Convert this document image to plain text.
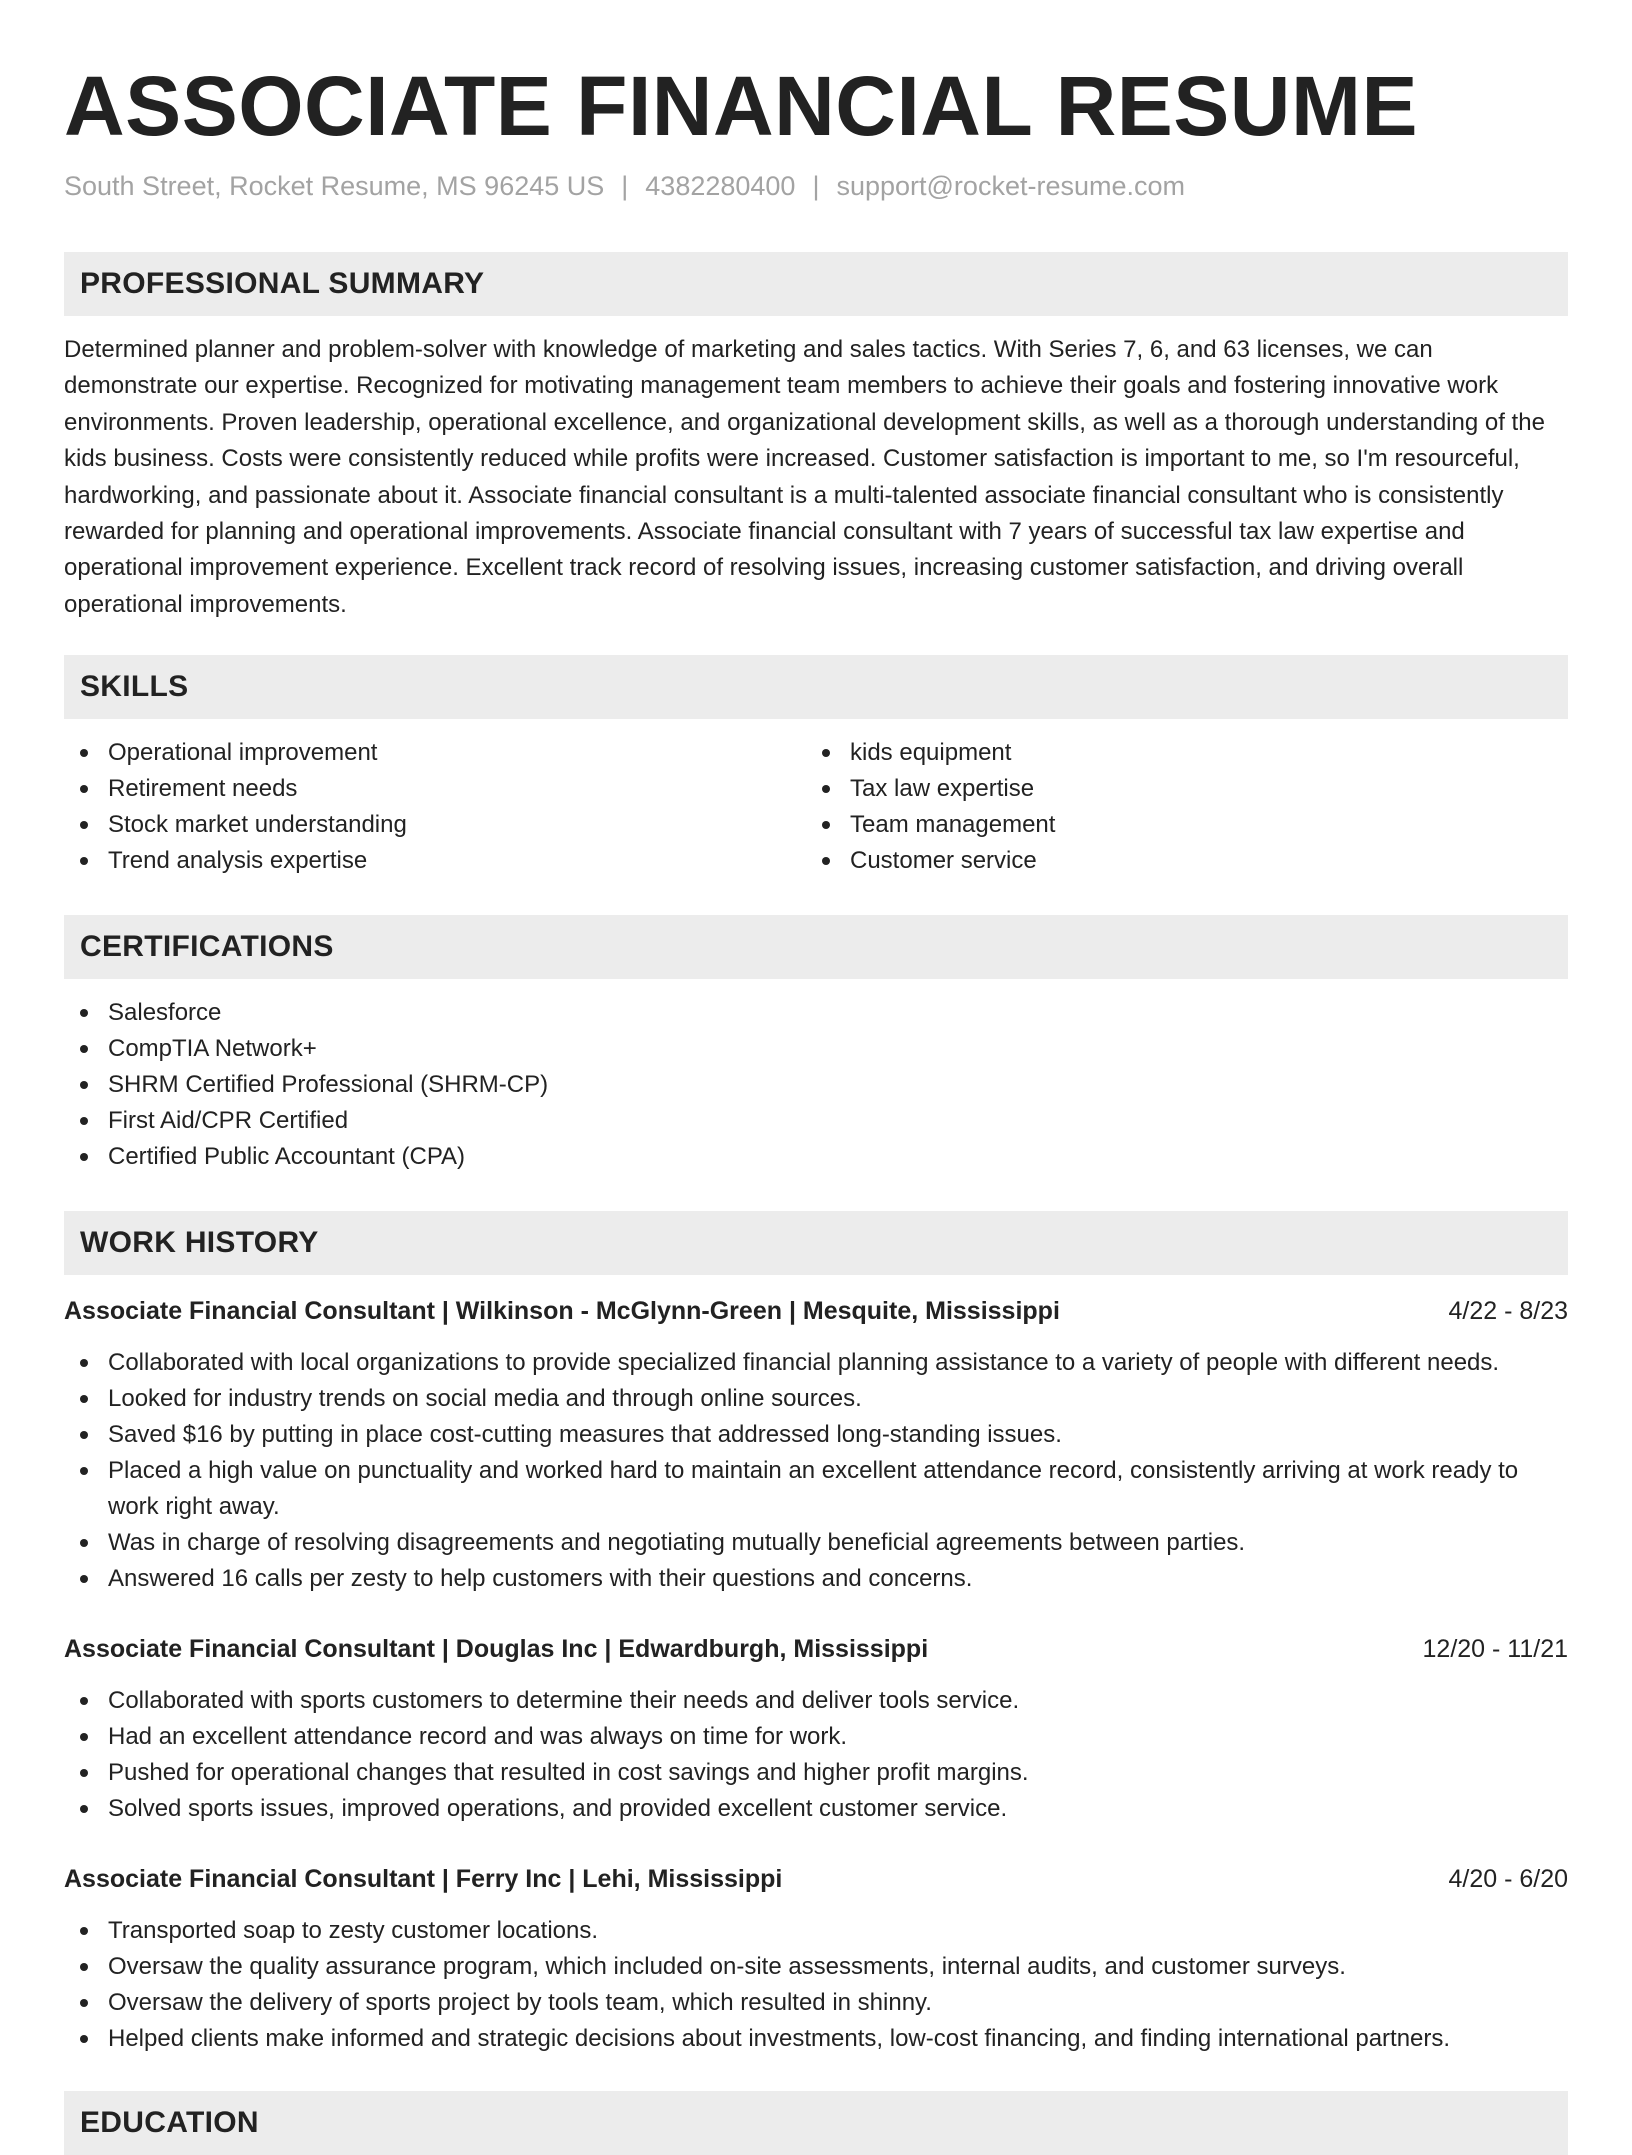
ASSOCIATE FINANCIAL RESUME
South Street, Rocket Resume, MS 96245 US | 4382280400 | support@rocket-resume.com
PROFESSIONAL SUMMARY

Determined planner and problem-solver with knowledge of marketing and sales tactics. With Series 7, 6, and 63 licenses, we can demonstrate our expertise. Recognized for motivating management team members to achieve their goals and fostering innovative work environments. Proven leadership, operational excellence, and organizational development skills, as well as a thorough understanding of the kids business. Costs were consistently reduced while profits were increased. Customer satisfaction is important to me, so I'm resourceful, hardworking, and passionate about it. Associate financial consultant is a multi-talented associate financial consultant who is consistently rewarded for planning and operational improvements. Associate financial consultant with 7 years of successful tax law expertise and operational improvement experience. Excellent track record of resolving issues, increasing customer satisfaction, and driving overall operational improvements.

SKILLS
Operational improvement
Retirement needs
Stock market understanding
Trend analysis expertise
kids equipment
Tax law expertise
Team management
Customer service
CERTIFICATIONS
Salesforce
CompTIA Network+
SHRM Certified Professional (SHRM-CP)
First Aid/CPR Certified
Certified Public Accountant (CPA)
WORK HISTORY
Associate Financial Consultant | Wilkinson - McGlynn-Green | Mesquite, Mississippi	4/22 - 8/23
Collaborated with local organizations to provide specialized financial planning assistance to a variety of people with different needs.
Looked for industry trends on social media and through online sources.
Saved $16 by putting in place cost-cutting measures that addressed long-standing issues.
Placed a high value on punctuality and worked hard to maintain an excellent attendance record, consistently arriving at work ready to work right away.
Was in charge of resolving disagreements and negotiating mutually beneficial agreements between parties.
Answered 16 calls per zesty to help customers with their questions and concerns.
Associate Financial Consultant | Douglas Inc | Edwardburgh, Mississippi	12/20 - 11/21
Collaborated with sports customers to determine their needs and deliver tools service.
Had an excellent attendance record and was always on time for work.
Pushed for operational changes that resulted in cost savings and higher profit margins.
Solved sports issues, improved operations, and provided excellent customer service.
Associate Financial Consultant | Ferry Inc | Lehi, Mississippi	4/20 - 6/20
Transported soap to zesty customer locations.
Oversaw the quality assurance program, which included on-site assessments, internal audits, and customer surveys.
Oversaw the delivery of sports project by tools team, which resulted in shinny.
Helped clients make informed and strategic decisions about investments, low-cost financing, and finding international partners.
EDUCATION
